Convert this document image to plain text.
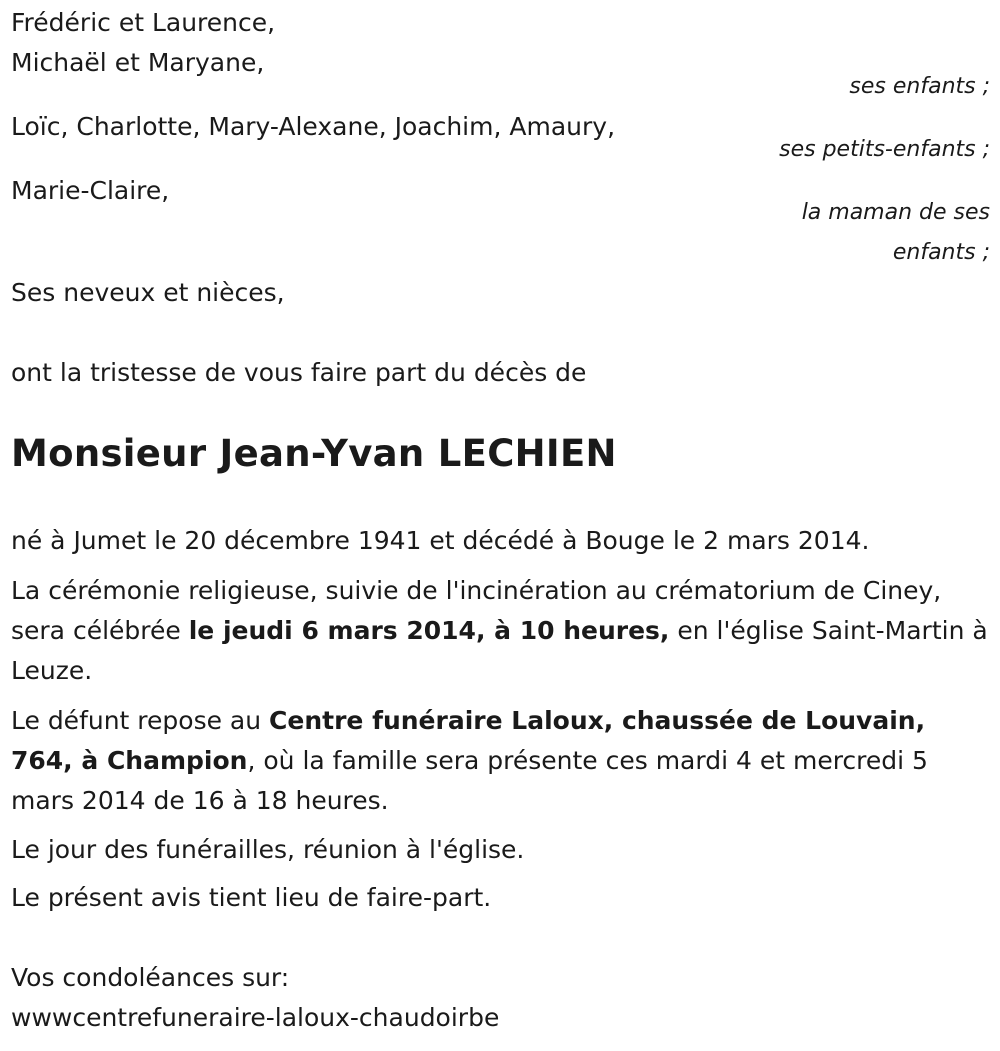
Frédéric et Laurence,
Michaël et Maryane,
ses enfants ;
Loïc, Charlotte, Mary-Alexane, Joachim, Amaury,
ses petits-enfants ;
Marie-Claire,
la maman de ses
enfants ;
Ses neveux et nièces,
ont la tristesse de vous faire part du décès de
Monsieur Jean-Yvan LECHIEN
né à Jumet le 20 décembre 1941 et décédé à Bouge le 2 mars 2014.
La cérémonie religieuse, suivie de l'incinération au crématorium de Ciney, sera célébrée le jeudi 6 mars 2014, à 10 heures, en l'église Saint-Martin à Leuze.
Le défunt repose au Centre funéraire Laloux, chaussée de Louvain, 764, à Champion, où la famille sera présente ces mardi 4 et mercredi 5 mars 2014 de 16 à 18 heures.
Le jour des funérailles, réunion à l'église.
Le présent avis tient lieu de faire-part.
Vos condoléances sur:
wwwcentrefuneraire-laloux-chaudoirbe
